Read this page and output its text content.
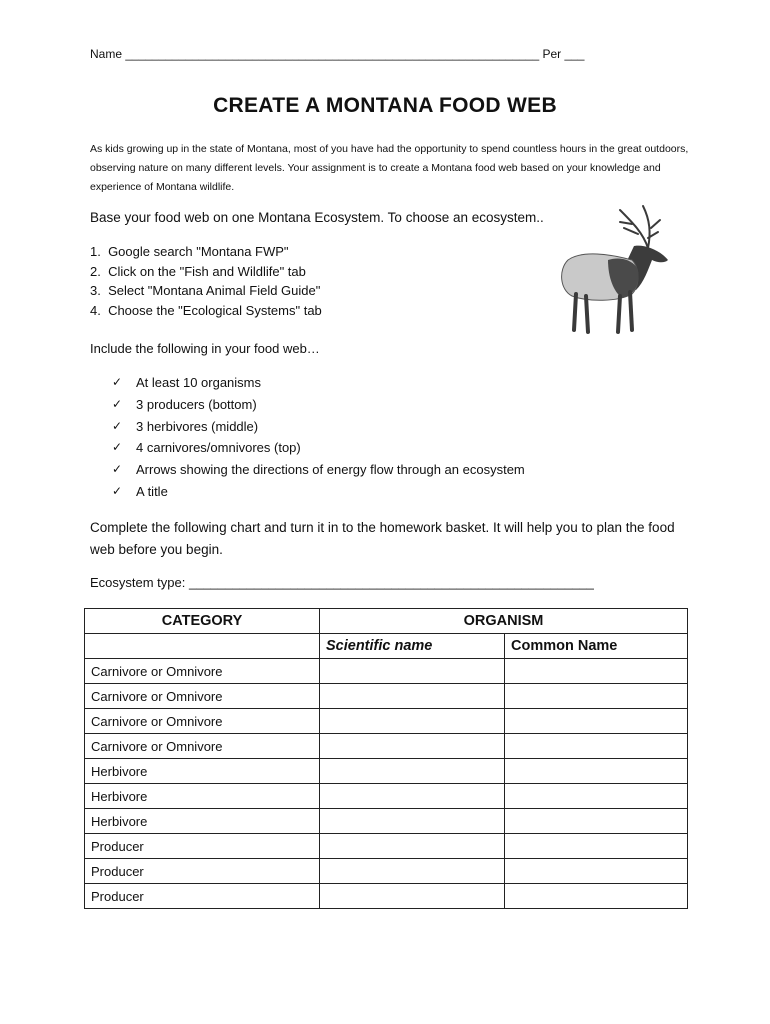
Name ______________________________________________________________ Per ___
CREATE A MONTANA FOOD WEB
As kids growing up in the state of Montana, most of you have had the opportunity to spend countless hours in the great outdoors, observing nature on many different levels. Your assignment is to create a Montana food web based on your knowledge and experience of Montana wildlife.
Base your food web on one Montana Ecosystem. To choose an ecosystem..
1.  Google search "Montana FWP"
2.  Click on the "Fish and Wildlife" tab
3.  Select "Montana Animal Field Guide"
4.  Choose the "Ecological Systems" tab
Include the following in your food web…
✓ At least 10 organisms
✓ 3 producers (bottom)
✓ 3 herbivores (middle)
✓ 4 carnivores/omnivores (top)
✓ Arrows showing the directions of energy flow through an ecosystem
✓ A title
Complete the following chart and turn it in to the homework basket. It will help you to plan the food web before you begin.
Ecosystem type: ________________________________________________________
CATEGORY	ORGANISM	
	Scientific name	Common Name
Carnivore or Omnivore		
Carnivore or Omnivore		
Carnivore or Omnivore		
Carnivore or Omnivore		
Herbivore		
Herbivore		
Herbivore		
Producer		
Producer		
Producer		
